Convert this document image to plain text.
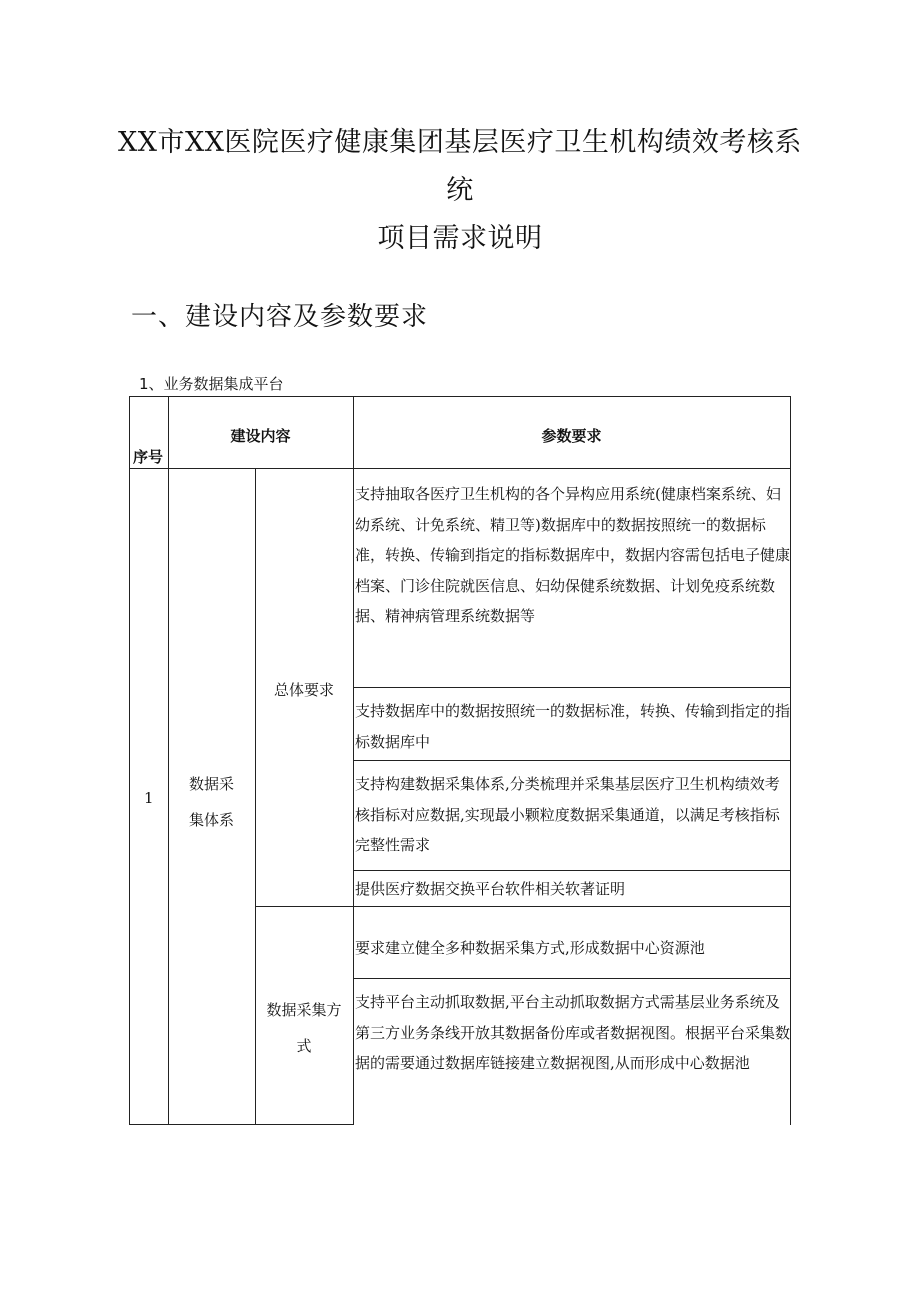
XX市XX医院医疗健康集团基层医疗卫生机构绩效考核系
统
项目需求说明
一、建设内容及参数要求
1、业务数据集成平台
序号
建设内容	参数要求
1
数据采
集体系
总体要求
数据采集方
式
支持抽取各医疗卫生机构的各个异构应用系统(健康档案系统、妇幼系统、计免系统、精卫等)数据库中的数据按照统一的数据标准，转换、传输到指定的指标数据库中，数据内容需包括电子健康档案、门诊住院就医信息、妇幼保健系统数据、计划免疫系统数据、精神病管理系统数据等
支持数据库中的数据按照统一的数据标准，转换、传输到指定的指标数据库中
支持构建数据采集体系,分类梳理并采集基层医疗卫生机构绩效考核指标对应数据,实现最小颗粒度数据采集通道，以满足考核指标完整性需求
提供医疗数据交换平台软件相关软著证明
要求建立健全多种数据采集方式,形成数据中心资源池
支持平台主动抓取数据,平台主动抓取数据方式需基层业务系统及第三方业务条线开放其数据备份库或者数据视图。根据平台采集数据的需要通过数据库链接建立数据视图,从而形成中心数据池
